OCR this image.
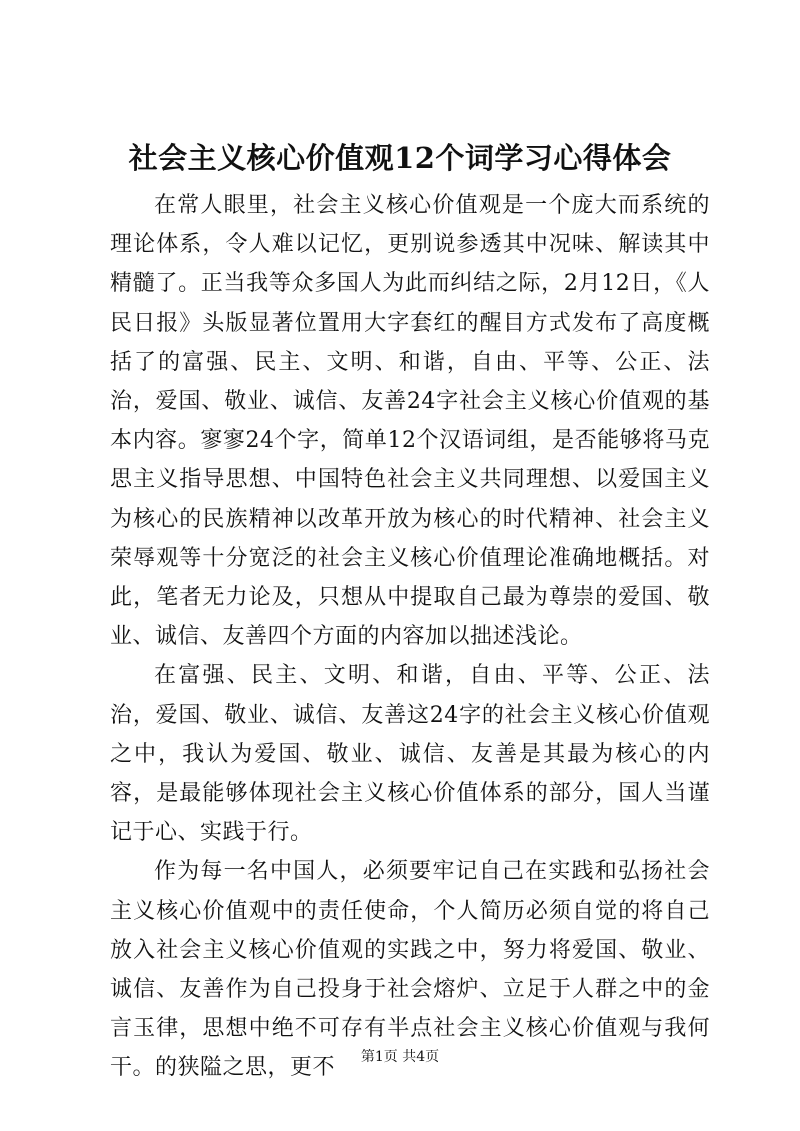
社会主义核心价值观12个词学习心得体会

在常人眼里，社会主义核心价值观是一个庞大而系统的理论体系，令人难以记忆，更别说参透其中况味、解读其中精髓了。正当我等众多国人为此而纠结之际，2月12日，《人民日报》头版显著位置用大字套红的醒目方式发布了高度概括了的富强、民主、文明、和谐，自由、平等、公正、法治，爱国、敬业、诚信、友善24字社会主义核心价值观的基本内容。寥寥24个字，简单12个汉语词组，是否能够将马克思主义指导思想、中国特色社会主义共同理想、以爱国主义为核心的民族精神以改革开放为核心的时代精神、社会主义荣辱观等十分宽泛的社会主义核心价值理论准确地概括。对此，笔者无力论及，只想从中提取自己最为尊崇的爱国、敬业、诚信、友善四个方面的内容加以拙述浅论。

在富强、民主、文明、和谐，自由、平等、公正、法治，爱国、敬业、诚信、友善这24字的社会主义核心价值观之中，我认为爱国、敬业、诚信、友善是其最为核心的内容，是最能够体现社会主义核心价值体系的部分，国人当谨记于心、实践于行。

作为每一名中国人，必须要牢记自己在实践和弘扬社会主义核心价值观中的责任使命，个人简历必须自觉的将自己放入社会主义核心价值观的实践之中，努力将爱国、敬业、诚信、友善作为自己投身于社会熔炉、立足于人群之中的金言玉律，思想中绝不可存有半点社会主义核心价值观与我何干。的狭隘之思，更不	第1页 共4页
